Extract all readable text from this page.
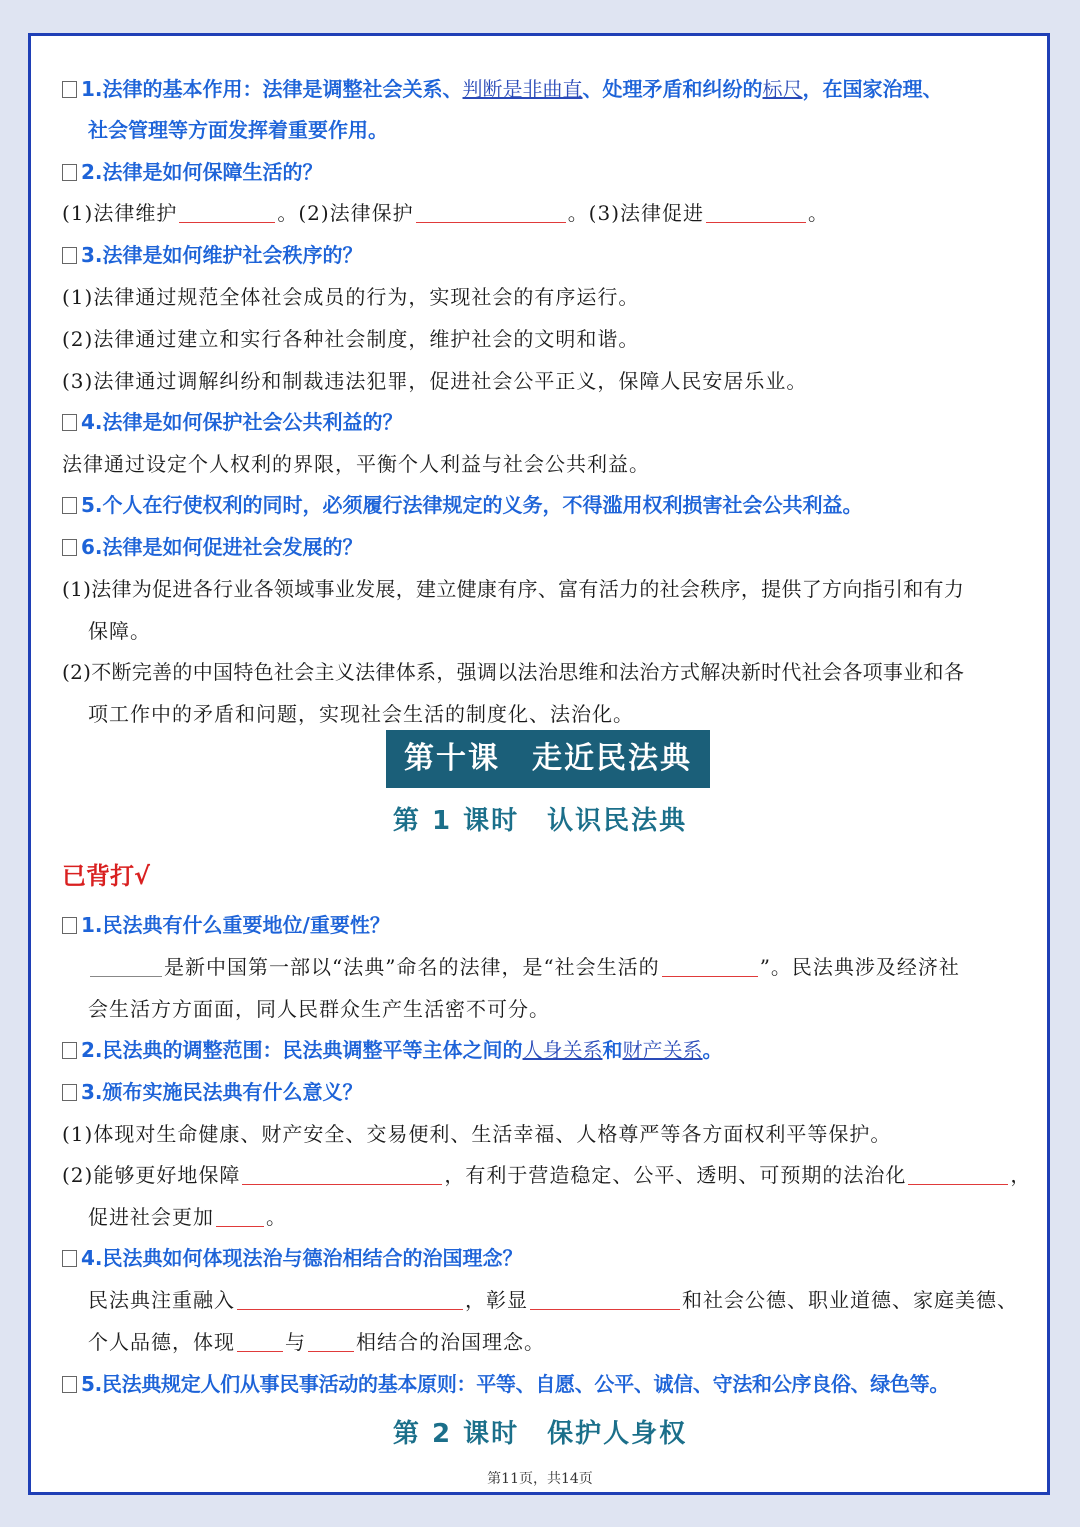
1.法律的基本作用：法律是调整社会关系、判断是非曲直、处理矛盾和纠纷的标尺，在国家治理、
社会管理等方面发挥着重要作用。
2.法律是如何保障生活的？
(1)法律维护	。(2)法律保护	。(3)法律促进	。
3.法律是如何维护社会秩序的？
(1)法律通过规范全体社会成员的行为，实现社会的有序运行。
(2)法律通过建立和实行各种社会制度，维护社会的文明和谐。
(3)法律通过调解纠纷和制裁违法犯罪，促进社会公平正义，保障人民安居乐业。
4.法律是如何保护社会公共利益的？
法律通过设定个人权利的界限，平衡个人利益与社会公共利益。
5.个人在行使权利的同时，必须履行法律规定的义务，不得滥用权利损害社会公共利益。
6.法律是如何促进社会发展的？
(1)法律为促进各行业各领域事业发展，建立健康有序、富有活力的社会秩序，提供了方向指引和有力
保障。
(2)不断完善的中国特色社会主义法律体系，强调以法治思维和法治方式解决新时代社会各项事业和各
项工作中的矛盾和问题，实现社会生活的制度化、法治化。
第十课　走近民法典
第 1 课时　认识民法典
已背打√
1.民法典有什么重要地位/重要性？
是新中国第一部以“法典”命名的法律，是“社会生活的	”。民法典涉及经济社
会生活方方面面，同人民群众生产生活密不可分。
2.民法典的调整范围：民法典调整平等主体之间的人身关系和财产关系。
3.颁布实施民法典有什么意义？
(1)体现对生命健康、财产安全、交易便利、生活幸福、人格尊严等各方面权利平等保护。
(2)能够更好地保障	，有利于营造稳定、公平、透明、可预期的法治化	，
促进社会更加	。
4.民法典如何体现法治与德治相结合的治国理念？
民法典注重融入	，彰显	和社会公德、职业道德、家庭美德、
个人品德，体现	与	相结合的治国理念。
5.民法典规定人们从事民事活动的基本原则：平等、自愿、公平、诚信、守法和公序良俗、绿色等。
第 2 课时　保护人身权
第11页，共14页
